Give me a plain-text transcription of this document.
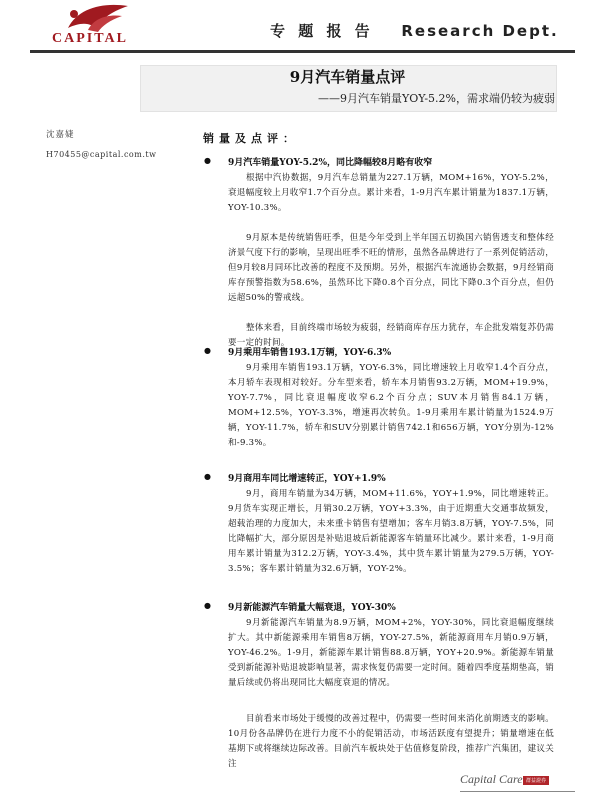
CAPITAL	专 题 报 告 Research Dept.
9月汽车销量点评
——9月汽车销量YOY-5.2%，需求端仍较为疲弱
沈嘉婕
H70455@capital.com.tw
销量及点评：
● 9月汽车销量YOY-5.2%，同比降幅较8月略有收窄

根据中汽协数据，9月汽车总销量为227.1万辆，MOM+16%，YOY-5.2%，衰退幅度较上月收窄1.7个百分点。累计来看，1-9月汽车累计销量为1837.1万辆，YOY-10.3%。

9月原本是传统销售旺季，但是今年受到上半年国五切换国六销售透支和整体经济景气度下行的影响，呈现出旺季不旺的情形，虽然各品牌进行了一系列促销活动，但9月较8月同环比改善的程度不及预期。另外，根据汽车流通协会数据，9月经销商库存预警指数为58.6%，虽然环比下降0.8个百分点，同比下降0.3个百分点，但仍远超50%的警戒线。

整体来看，目前终端市场较为疲弱，经销商库存压力犹存，车企批发端复苏仍需要一定的时间。

● 9月乘用车销售193.1万辆，YOY-6.3%

9月乘用车销售193.1万辆，YOY-6.3%，同比增速较上月收窄1.4个百分点，本月轿车表现相对较好。分车型来看，轿车本月销售93.2万辆，MOM+19.9%，YOY-7.7%，同比衰退幅度收窄6.2个百分点；SUV本月销售84.1万辆，MOM+12.5%，YOY-3.3%，增速再次转负。1-9月乘用车累计销量为1524.9万辆，YOY-11.7%，轿车和SUV分别累计销售742.1和656万辆，YOY分别为-12%和-9.3%。

● 9月商用车同比增速转正，YOY+1.9%

9月，商用车销量为34万辆，MOM+11.6%，YOY+1.9%，同比增速转正。9月货车实现正增长，月销30.2万辆，YOY+3.3%，由于近期重大交通事故频发，超载治理的力度加大，未来重卡销售有望增加；客车月销3.8万辆，YOY-7.5%，同比降幅扩大，部分原因是补贴退坡后新能源客车销量环比减少。累计来看，1-9月商用车累计销量为312.2万辆，YOY-3.4%，其中货车累计销量为279.5万辆，YOY-3.5%；客车累计销量为32.6万辆，YOY-2%。

● 9月新能源汽车销量大幅衰退，YOY-30%

9月新能源汽车销量为8.9万辆，MOM+2%，YOY-30%，同比衰退幅度继续扩大。其中新能源乘用车销售8万辆，YOY-27.5%，新能源商用车月销0.9万辆，YOY-46.2%。1-9月，新能源车累计销售88.8万辆，YOY+20.9%。新能源车销量受到新能源补贴退坡影响显著，需求恢复仍需要一定时间。随着四季度基期垫高，销量后续或仍将出现同比大幅度衰退的情况。

目前看来市场处于缓慢的改善过程中，仍需要一些时间来消化前期透支的影响。10月份各品牌仍在进行力度不小的促销活动，市场活跃度有望提升；销量增速在低基期下或将继续边际改善。目前汽车板块处于估值修复阶段，推荐广汽集团，建议关注

Capital Care 群益證券
